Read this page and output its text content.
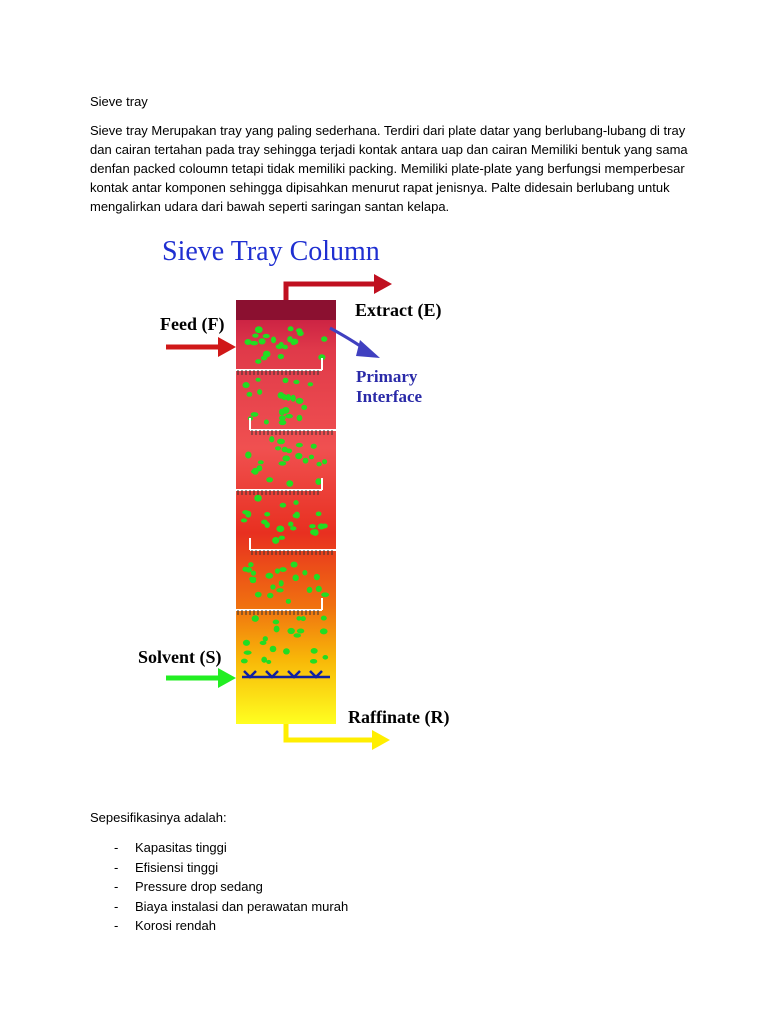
Sieve tray

Sieve tray Merupakan tray yang paling sederhana. Terdiri dari plate datar yang berlubang-lubang di tray dan cairan tertahan pada tray sehingga terjadi kontak antara uap dan cairan Memiliki bentuk yang sama denfan packed coloumn tetapi tidak memiliki packing. Memiliki plate-plate yang berfungsi memperbesar kontak antar komponen sehingga dipisahkan menurut rapat jenisnya. Palte didesain berlubang untuk mengalirkan udara dari bawah seperti saringan santan kelapa.

Sieve Tray Column
Extract (E)
Feed (F)
Primary
Interface
Solvent (S)
Raffinate (R)
Sepesifikasinya adalah:
- Kapasitas tinggi
- Efisiensi tinggi
- Pressure drop sedang
- Biaya instalasi dan perawatan murah
- Korosi rendah
